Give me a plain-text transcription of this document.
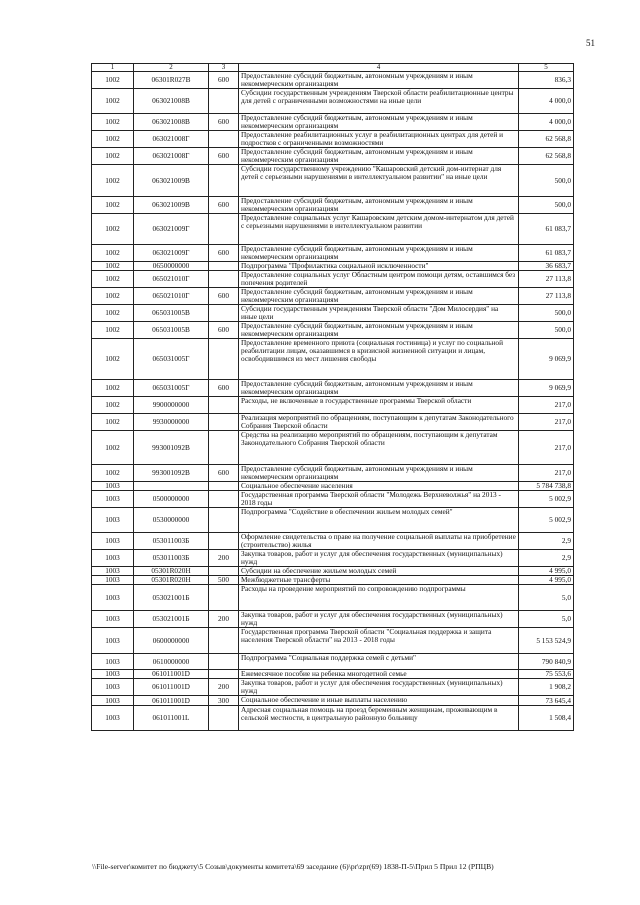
51
1	2	3	4	5
1002	06301R027В	600	Предоставление субсидий бюджетным, автономным учреждениям и иным некоммерческим организациям	836,3
1002	063021008В		Субсидии государственным учреждениям Тверской области реабилитационные центры для детей с ограниченными возможностями на иные цели	4 000,0
1002	063021008В	600	Предоставление субсидий бюджетным, автономным учреждениям и иным некоммерческим организациям	4 000,0
1002	063021008Г		Предоставление реабилитационных услуг в реабилитационных центрах для детей и подростков с ограниченными возможностями	62 568,8
1002	063021008Г	600	Предоставление субсидий бюджетным, автономным учреждениям и иным некоммерческим организациям	62 568,8
1002	063021009В		Субсидии государственному учреждению "Кашаровский детский дом-интернат для детей с серьезными нарушениями в интеллектуальном развитии" на иные цели	500,0
1002	063021009В	600	Предоставление субсидий бюджетным, автономным учреждениям и иным некоммерческим организациям	500,0
1002	063021009Г		Предоставление социальных услуг Кашаровским детским домом-интернатом для детей с серьезными нарушениями в интеллектуальном развитии	61 083,7
1002	063021009Г	600	Предоставление субсидий бюджетным, автономным учреждениям и иным некоммерческим организациям	61 083,7
1002	0650000000		Подпрограмма "Профилактика социальной исключенности"	36 683,7
1002	065021010Г		Предоставление социальных услуг Областным центром помощи детям, оставшимся без попечения родителей	27 113,8
1002	065021010Г	600	Предоставление субсидий бюджетным, автономным учреждениям и иным некоммерческим организациям	27 113,8
1002	065031005В		Субсидии государственным учреждениям Тверской области "Дом Милосердия" на иные цели	500,0
1002	065031005В	600	Предоставление субсидий бюджетным, автономным учреждениям и иным некоммерческим организациям	500,0
1002	065031005Г		Предоставление временного приюта (социальная гостиница) и услуг по социальной реабилитации лицам, оказавшимся в кризисной жизненной ситуации и лицам, освободившимся из мест лишения свободы	9 069,9
1002	065031005Г	600	Предоставление субсидий бюджетным, автономным учреждениям и иным некоммерческим организациям	9 069,9
1002	9900000000		Расходы, не включенные в государственные программы Тверской области	217,0
1002	9930000000		Реализация мероприятий по обращениям, поступающим к депутатам Законодательного Собрания Тверской области	217,0
1002	993001092В		Средства на реализацию мероприятий по обращениям, поступающим к депутатам Законодательного Собрания Тверской области	217,0
1002	993001092В	600	Предоставление субсидий бюджетным, автономным учреждениям и иным некоммерческим организациям	217,0
1003			Социальное обеспечение населения	5 784 738,8
1003	0500000000		Государственная программа Тверской области "Молодежь Верхневолжья" на 2013 - 2018 годы	5 002,9
1003	0530000000		Подпрограмма "Содействие в обеспечении жильем молодых семей"	5 002,9
1003	053011003Б		Оформление свидетельства о праве на получение социальной выплаты на приобретение (строительство) жилья	2,9
1003	053011003Б	200	Закупка товаров, работ и услуг для обеспечения государственных (муниципальных) нужд	2,9
1003	05301R020H		Субсидии на обеспечение жильем молодых семей	4 995,0
1003	05301R020H	500	Межбюджетные трансферты	4 995,0
1003	053021001Б		Расходы на проведение мероприятий по сопровождению подпрограммы	5,0
1003	053021001Б	200	Закупка товаров, работ и услуг для обеспечения государственных (муниципальных) нужд	5,0
1003	0600000000		Государственная программа Тверской области "Социальная поддержка и защита населения Тверской области" на 2013 - 2018 годы	5 153 524,9
1003	0610000000		Подпрограмма "Социальная поддержка семей с детьми"	790 840,9
1003	061011001D		Ежемесячное пособие на ребенка многодетной семье	75 553,6
1003	061011001D	200	Закупка товаров, работ и услуг для обеспечения государственных (муниципальных) нужд	1 908,2
1003	061011001D	300	Социальное обеспечение и иные выплаты населению	73 645,4
1003	061011001L		Адресная социальная помощь на проезд беременным женщинам, проживающим в сельской местности, в центральную районную больницу	1 508,4
\\File-server\комитет по бюджету\5 Созыв\документы комитета\69 заседание (6)\pr\zpr(69) 1838-П-5\Прил 5 Прил 12 (РПЦВ)
